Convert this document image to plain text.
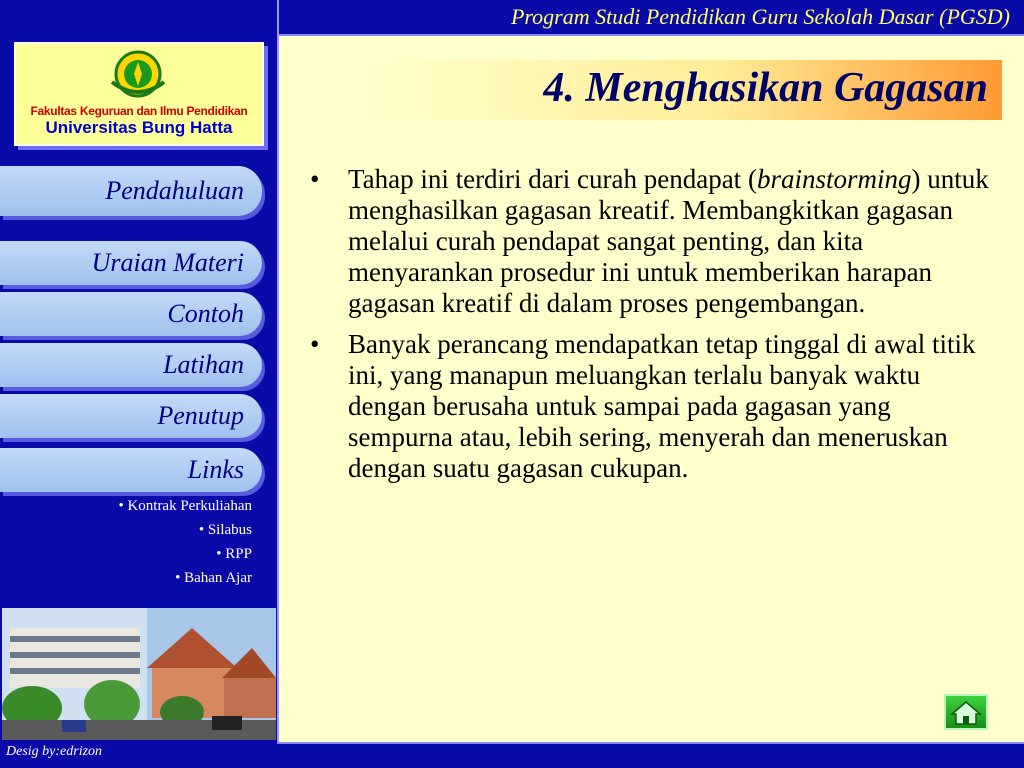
Program Studi Pendidikan Guru Sekolah Dasar (PGSD)
Fakultas Keguruan dan Ilmu Pendidikan
Universitas Bung Hatta
Pendahuluan
Uraian Materi
Contoh
Latihan
Penutup
Links
• Kontrak Perkuliahan
• Silabus
• RPP
• Bahan Ajar
Desig by:edrizon
4. Menghasikan Gagasan
• Tahap ini terdiri dari curah pendapat (brainstorming) untuk menghasilkan gagasan kreatif. Membangkitkan gagasan melalui curah pendapat sangat penting, dan kita menyarankan prosedur ini untuk memberikan harapan gagasan kreatif di dalam proses pengembangan.
• Banyak perancang mendapatkan tetap tinggal di awal titik ini, yang manapun meluangkan terlalu banyak waktu dengan berusaha untuk sampai pada gagasan yang sempurna atau, lebih sering, menyerah dan meneruskan dengan suatu gagasan cukupan.
